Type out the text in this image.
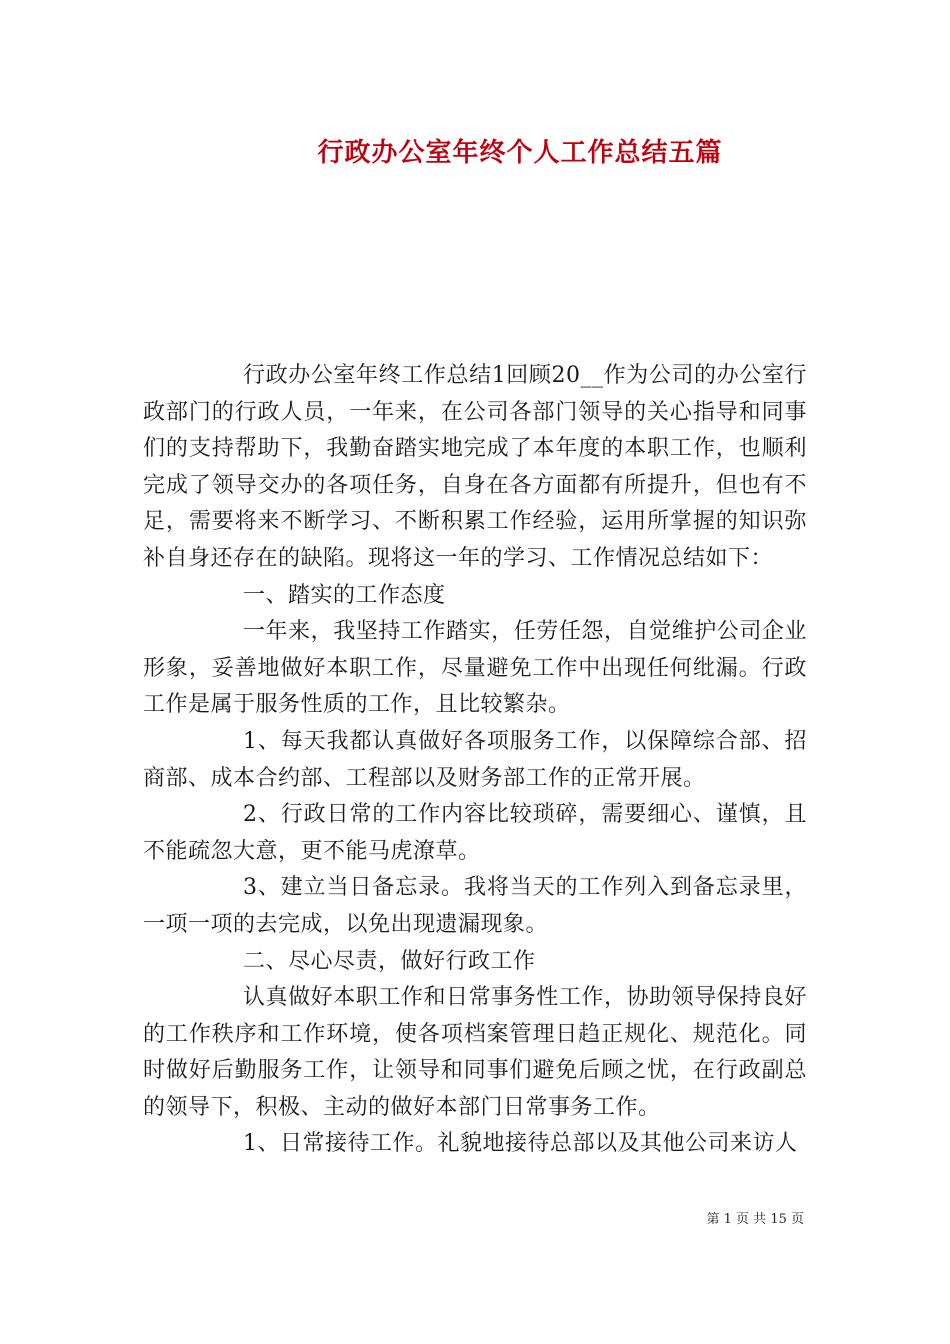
行政办公室年终个人工作总结五篇

行政办公室年终工作总结1回顾20__作为公司的办公室行政部门的行政人员，一年来，在公司各部门领导的关心指导和同事们的支持帮助下，我勤奋踏实地完成了本年度的本职工作，也顺利完成了领导交办的各项任务，自身在各方面都有所提升，但也有不足，需要将来不断学习、不断积累工作经验，运用所掌握的知识弥补自身还存在的缺陷。现将这一年的学习、工作情况总结如下：

一、踏实的工作态度

一年来，我坚持工作踏实，任劳任怨，自觉维护公司企业形象，妥善地做好本职工作，尽量避免工作中出现任何纰漏。行政工作是属于服务性质的工作，且比较繁杂。

1、每天我都认真做好各项服务工作，以保障综合部、招商部、成本合约部、工程部以及财务部工作的正常开展。

2、行政日常的工作内容比较琐碎，需要细心、谨慎，且不能疏忽大意，更不能马虎潦草。

3、建立当日备忘录。我将当天的工作列入到备忘录里，一项一项的去完成，以免出现遗漏现象。

二、尽心尽责，做好行政工作

认真做好本职工作和日常事务性工作，协助领导保持良好的工作秩序和工作环境，使各项档案管理日趋正规化、规范化。同时做好后勤服务工作，让领导和同事们避免后顾之忧，在行政副总的领导下，积极、主动的做好本部门日常事务工作。

1、日常接待工作。礼貌地接待总部以及其他公司来访人

第 1 页 共 15 页
